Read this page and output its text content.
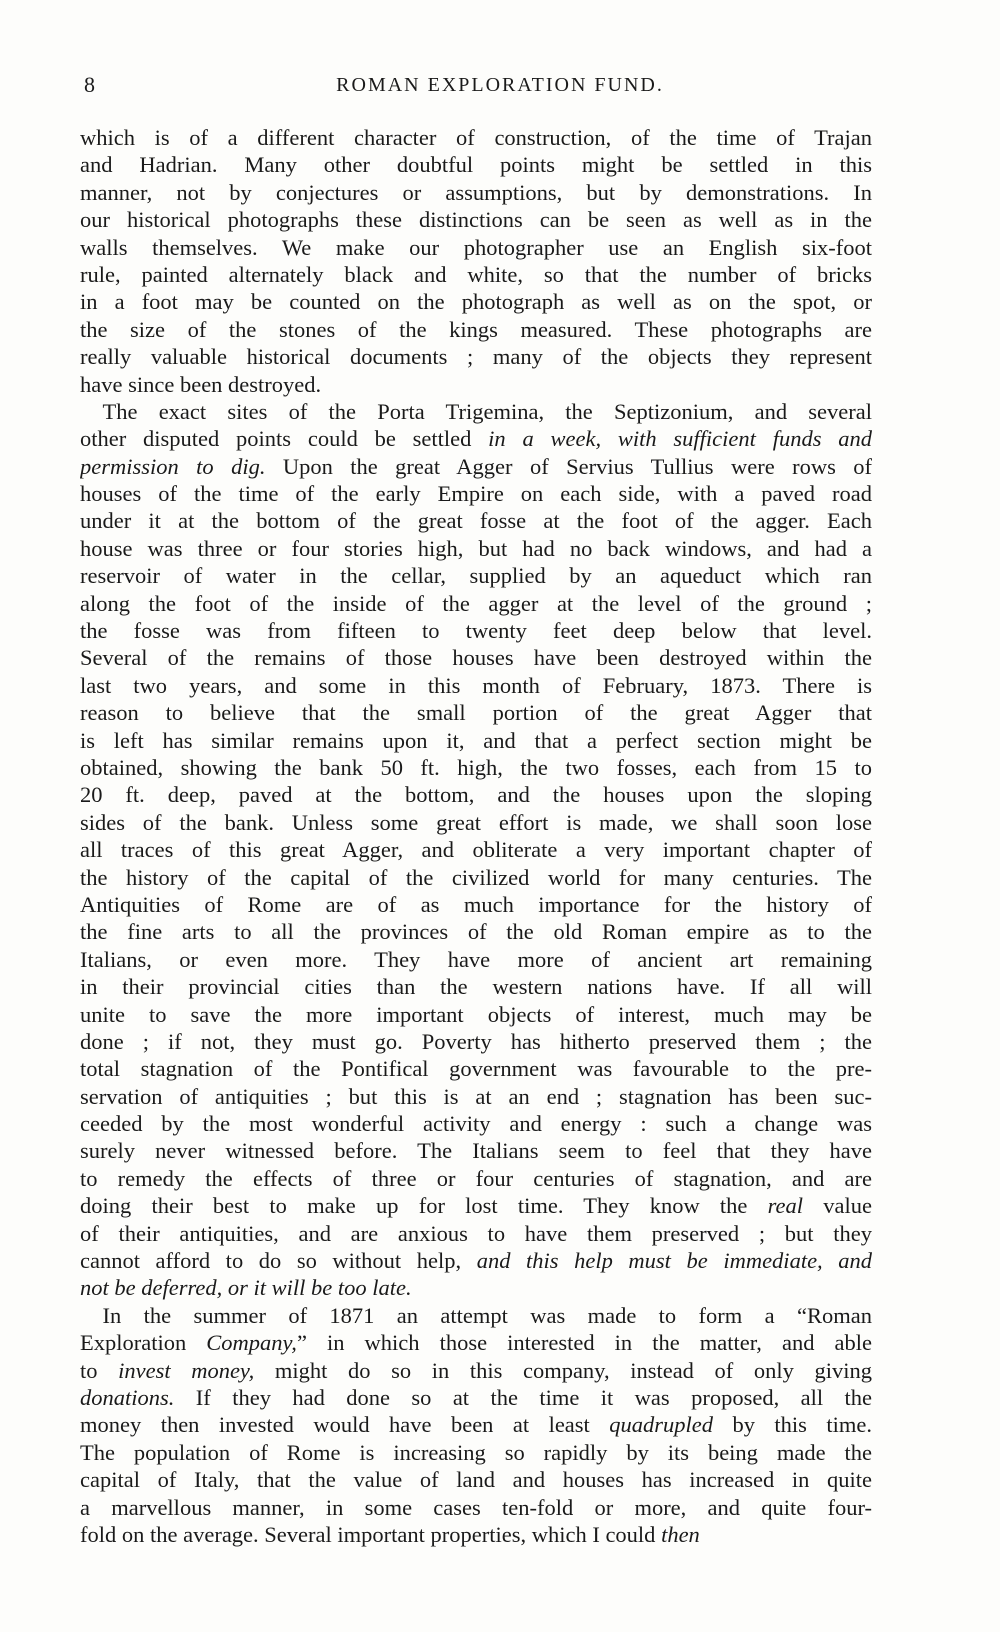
8	ROMAN EXPLORATION FUND.
which is of a different character of construction, of the time of Trajan
and Hadrian. Many other doubtful points might be settled in this
manner, not by conjectures or assumptions, but by demonstrations. In
our historical photographs these distinctions can be seen as well as in the
walls themselves. We make our photographer use an English six-foot
rule, painted alternately black and white, so that the number of bricks
in a foot may be counted on the photograph as well as on the spot, or
the size of the stones of the kings measured. These photographs are
really valuable historical documents ; many of the objects they represent
have since been destroyed.
The exact sites of the Porta Trigemina, the Septizonium, and several
other disputed points could be settled in a week, with sufficient funds and
permission to dig. Upon the great Agger of Servius Tullius were rows of
houses of the time of the early Empire on each side, with a paved road
under it at the bottom of the great fosse at the foot of the agger. Each
house was three or four stories high, but had no back windows, and had a
reservoir of water in the cellar, supplied by an aqueduct which ran
along the foot of the inside of the agger at the level of the ground ;
the fosse was from fifteen to twenty feet deep below that level.
Several of the remains of those houses have been destroyed within the
last two years, and some in this month of February, 1873. There is
reason to believe that the small portion of the great Agger that
is left has similar remains upon it, and that a perfect section might be
obtained, showing the bank 50 ft. high, the two fosses, each from 15 to
20 ft. deep, paved at the bottom, and the houses upon the sloping
sides of the bank. Unless some great effort is made, we shall soon lose
all traces of this great Agger, and obliterate a very important chapter of
the history of the capital of the civilized world for many centuries. The
Antiquities of Rome are of as much importance for the history of
the fine arts to all the provinces of the old Roman empire as to the
Italians, or even more. They have more of ancient art remaining
in their provincial cities than the western nations have. If all will
unite to save the more important objects of interest, much may be
done ; if not, they must go. Poverty has hitherto preserved them ; the
total stagnation of the Pontifical government was favourable to the pre-
servation of antiquities ; but this is at an end ; stagnation has been suc-
ceeded by the most wonderful activity and energy : such a change was
surely never witnessed before. The Italians seem to feel that they have
to remedy the effects of three or four centuries of stagnation, and are
doing their best to make up for lost time. They know the real value
of their antiquities, and are anxious to have them preserved ; but they
cannot afford to do so without help, and this help must be immediate, and
not be deferred, or it will be too late.
In the summer of 1871 an attempt was made to form a “Roman
Exploration Company,” in which those interested in the matter, and able
to invest money, might do so in this company, instead of only giving
donations. If they had done so at the time it was proposed, all the
money then invested would have been at least quadrupled by this time.
The population of Rome is increasing so rapidly by its being made the
capital of Italy, that the value of land and houses has increased in quite
a marvellous manner, in some cases ten-fold or more, and quite four-
fold on the average. Several important properties, which I could then
